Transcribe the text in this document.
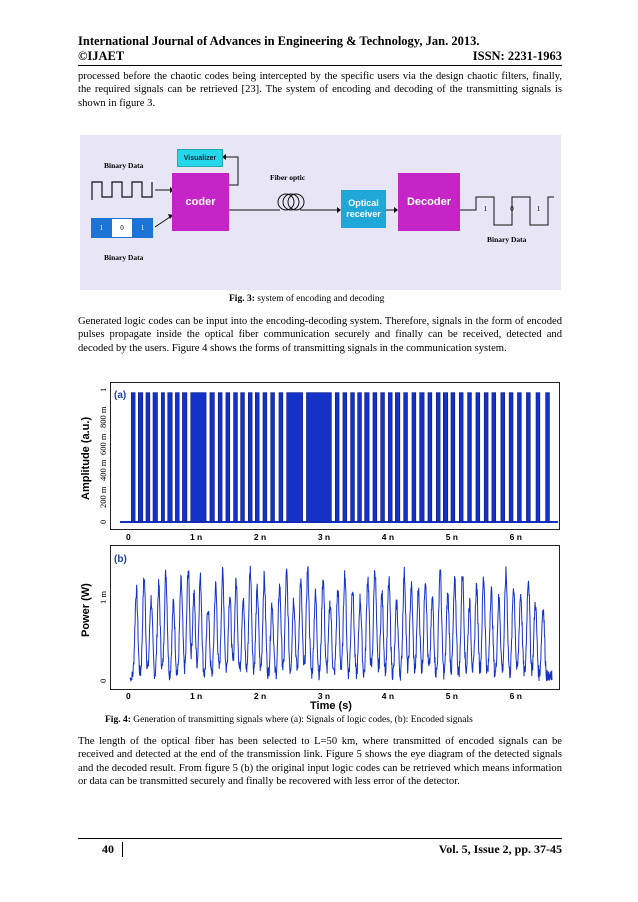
International Journal of Advances in Engineering & Technology, Jan. 2013.
©IJAET	ISSN: 2231-1963
processed before the chaotic codes being intercepted by the specific users via the design chaotic filters, finally, the required signals can be retrieved [23]. The system of encoding and decoding of the transmitting signals is shown in figure 3.
Binary Data
1	0	1
Binary Data
Visualizer
coder
Fiber optic
Optical
receiver
Decoder
1	0	1
Binary Data
Fig. 3: system of encoding and decoding
Generated logic codes can be input into the encoding-decoding system. Therefore, signals in the form of encoded pulses propagate inside the optical fiber communication securely and finally can be received, detected and decoded by the users. Figure 4 shows the forms of transmitting signals in the communication system.
Amplitude (a.u.)
(a)
Power (W)
(b)
Time (s)
0
200 m
400 m
600 m
800 m
1
0
1 m
0	1 n	2 n	3 n	4 n	5 n	6 n
0	1 n	2 n	3 n	4 n	5 n	6 n
Fig. 4: Generation of transmitting signals where (a): Signals of logic codes, (b): Encoded signals
The length of the optical fiber has been selected to L=50 km, where transmitted of encoded signals can be received and detected at the end of the transmission link. Figure 5 shows the eye diagram of the detected signals and the decoded result. From figure 5 (b) the original input logic codes can be retrieved which means information or data can be transmitted securely and finally be recovered with less error of the detector.
40	Vol. 5, Issue 2, pp. 37-45
